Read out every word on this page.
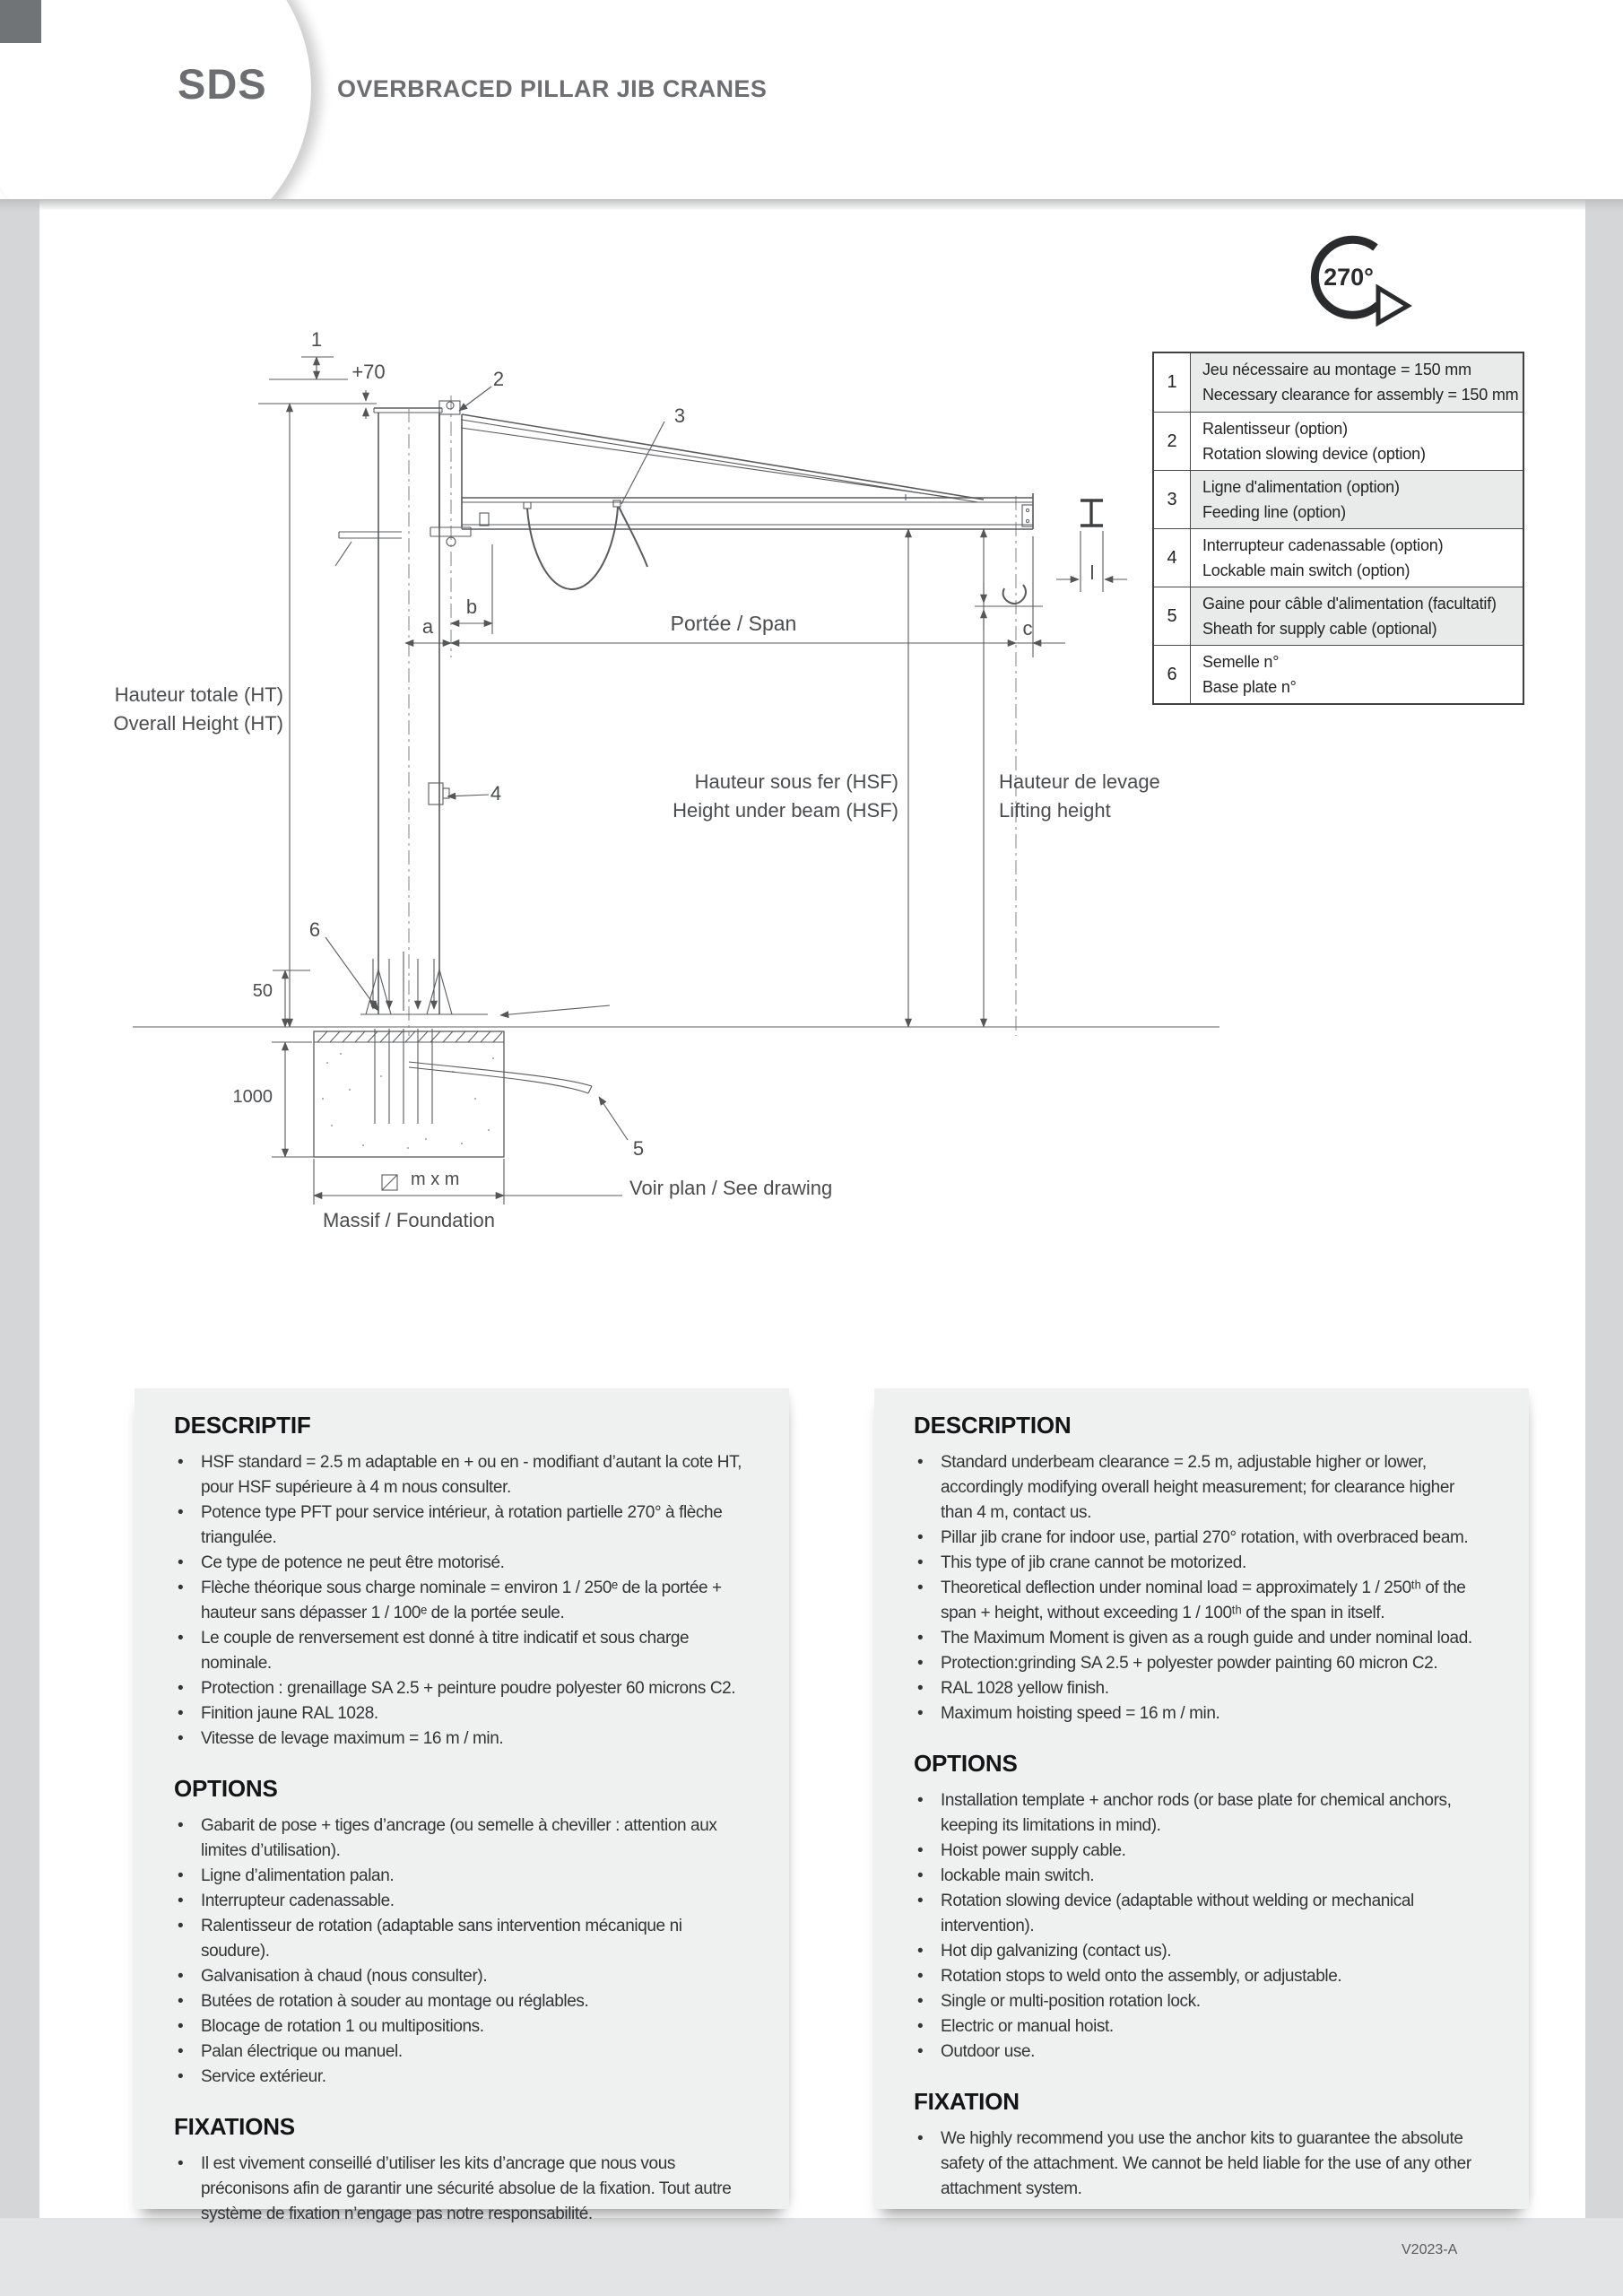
SDS	OVERBRACED PILLAR JIB CRANES
V2023-A
270°
1
Jeu nécessaire au montage = 150 mm
Necessary clearance for assembly = 150 mm
2
Ralentisseur (option)
Rotation slowing device (option)
3
Ligne d'alimentation (option)
Feeding line (option)
4
Interrupteur cadenassable (option)
Lockable main switch (option)
5
Gaine pour câble d'alimentation (facultatif)
Sheath for supply cable (optional)
6
Semelle n°
Base plate n°
1
+70	2
3
4
5
6
a
b
c
l
Portée / Span
Hauteur totale (HT)
Overall Height (HT)
Hauteur sous fer (HSF)
Height under beam (HSF)
Hauteur de levage
Lifting height
50
1000
m x m
Massif / Foundation
Voir plan / See drawing
DESCRIPTIF
• HSF standard = 2.5 m adaptable en + ou en - modifiant d’autant la cote HT, pour HSF supérieure à 4 m nous consulter.
• Potence type PFT pour service intérieur, à rotation partielle 270° à flèche triangulée.
• Ce type de potence ne peut être motorisé.
• Flèche théorique sous charge nominale = environ 1 / 250ᵉ de la portée + hauteur sans dépasser 1 / 100ᵉ de la portée seule.
• Le couple de renversement est donné à titre indicatif et sous charge nominale.
• Protection : grenaillage SA 2.5 + peinture poudre polyester 60 microns C2.
• Finition jaune RAL 1028.
• Vitesse de levage maximum = 16 m / min.
OPTIONS
• Gabarit de pose + tiges d’ancrage (ou semelle à cheviller : attention aux limites d’utilisation).
• Ligne d’alimentation palan.
• Interrupteur cadenassable.
• Ralentisseur de rotation (adaptable sans intervention mécanique ni soudure).
• Galvanisation à chaud (nous consulter).
• Butées de rotation à souder au montage ou réglables.
• Blocage de rotation 1 ou multipositions.
• Palan électrique ou manuel.
• Service extérieur.
FIXATIONS
• Il est vivement conseillé d’utiliser les kits d’ancrage que nous vous préconisons afin de garantir une sécurité absolue de la fixation. Tout autre système de fixation n’engage pas notre responsabilité.
DESCRIPTION
• Standard underbeam clearance = 2.5 m, adjustable higher or lower, accordingly modifying overall height measurement; for clearance higher than 4 m, contact us.
• Pillar jib crane for indoor use, partial 270° rotation, with overbraced beam.
• This type of jib crane cannot be motorized.
• Theoretical deflection under nominal load = approximately 1 / 250ᵗʰ of the span + height, without exceeding 1 / 100ᵗʰ of the span in itself.
• The Maximum Moment is given as a rough guide and under nominal load.
• Protection:grinding SA 2.5 + polyester powder painting 60 micron C2.
• RAL 1028 yellow finish.
• Maximum hoisting speed = 16 m / min.
OPTIONS
• Installation template + anchor rods (or base plate for chemical anchors, keeping its limitations in mind).
• Hoist power supply cable.
• lockable main switch.
• Rotation slowing device (adaptable without welding or mechanical intervention).
• Hot dip galvanizing (contact us).
• Rotation stops to weld onto the assembly, or adjustable.
• Single or multi-position rotation lock.
• Electric or manual hoist.
• Outdoor use.
FIXATION
• We highly recommend you use the anchor kits to guarantee the absolute safety of the attachment. We cannot be held liable for the use of any other attachment system.
